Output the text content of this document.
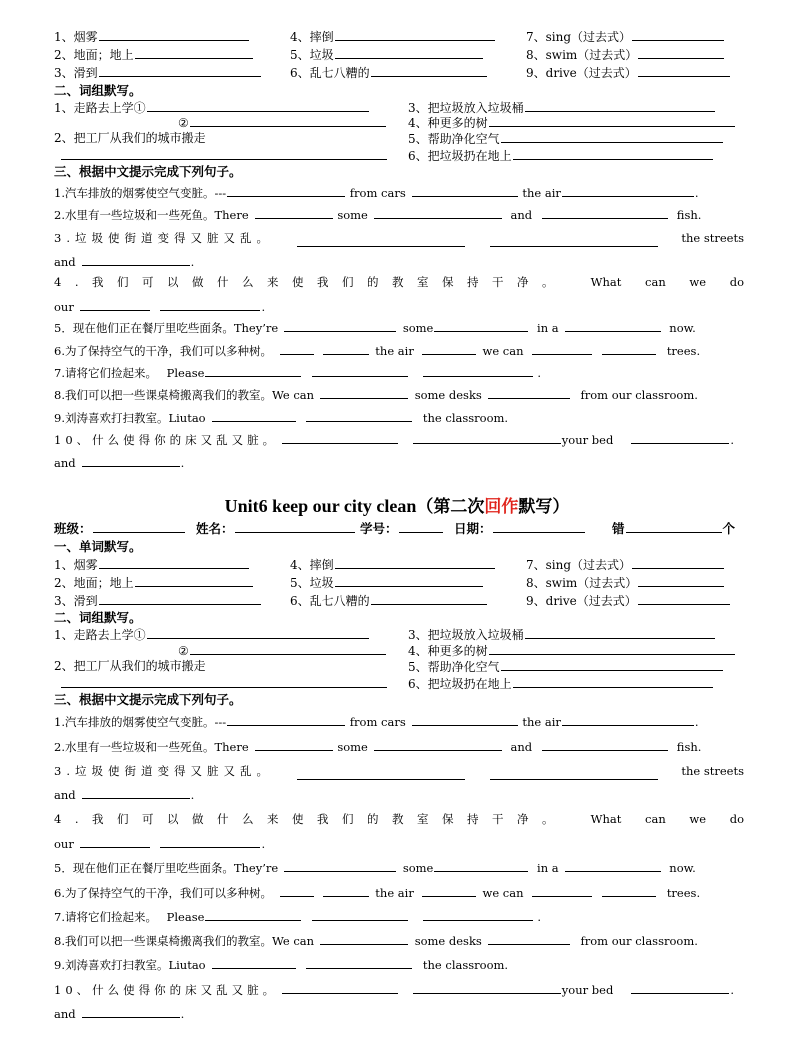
1、烟雾	4、摔倒	7、sing（过去式）
2、地面；地上	5、垃圾	8、swim（过去式）
3、滑到	6、乱七八糟的	9、drive（过去式）
二、词组默写。
1、走路去上学①	3、把垃圾放入垃圾桶
②	4、种更多的树
2、把工厂从我们的城市搬走	5、帮助净化空气
6、把垃圾扔在地上
三、根据中文提示完成下列句子。
1.汽车排放的烟雾使空气变脏。---	from cars	the air	.
2.水里有一些垃圾和一些死鱼。There	some	and	fish.
3.垃圾使街道变得又脏又乱。	the streets
and	.
4.我们可以做什么来使我们的教室保持干净。 What can we do
our	.
5．现在他们正在餐厅里吃些面条。They’re	some	in a	now.
6.为了保持空气的干净，我们可以多种树。	the air	we can	trees.
7.请将它们捡起来。 Please	.
8.我们可以把一些课桌椅搬离我们的教室。We can	some desks	from our classroom.
9.刘涛喜欢打扫教室。Liutao	the classroom.
10、什么使得你的床又乱又脏。	your bed	.
and	.
1、烟雾	4、摔倒	7、sing（过去式）
2、地面；地上	5、垃圾	8、swim（过去式）
3、滑到	6、乱七八糟的	9、drive（过去式）
二、词组默写。
1、走路去上学①	3、把垃圾放入垃圾桶
②	4、种更多的树
2、把工厂从我们的城市搬走	5、帮助净化空气
6、把垃圾扔在地上
三、根据中文提示完成下列句子。
1.汽车排放的烟雾使空气变脏。---	from cars	the air	.
2.水里有一些垃圾和一些死鱼。There	some	and	fish.
3.垃圾使街道变得又脏又乱。	the streets
and	.
4.我们可以做什么来使我们的教室保持干净。 What can we do
our	.
5．现在他们正在餐厅里吃些面条。They’re	some	in a	now.
6.为了保持空气的干净，我们可以多种树。	the air	we can	trees.
7.请将它们捡起来。 Please	.
8.我们可以把一些课桌椅搬离我们的教室。We can	some desks	from our classroom.
9.刘涛喜欢打扫教室。Liutao	the classroom.
10、什么使得你的床又乱又脏。	your bed	.
and	.
Unit6 keep our city clean（第二次回作默写）
班级：	姓名：	学号：	日期：	错	个
一、单词默写。
